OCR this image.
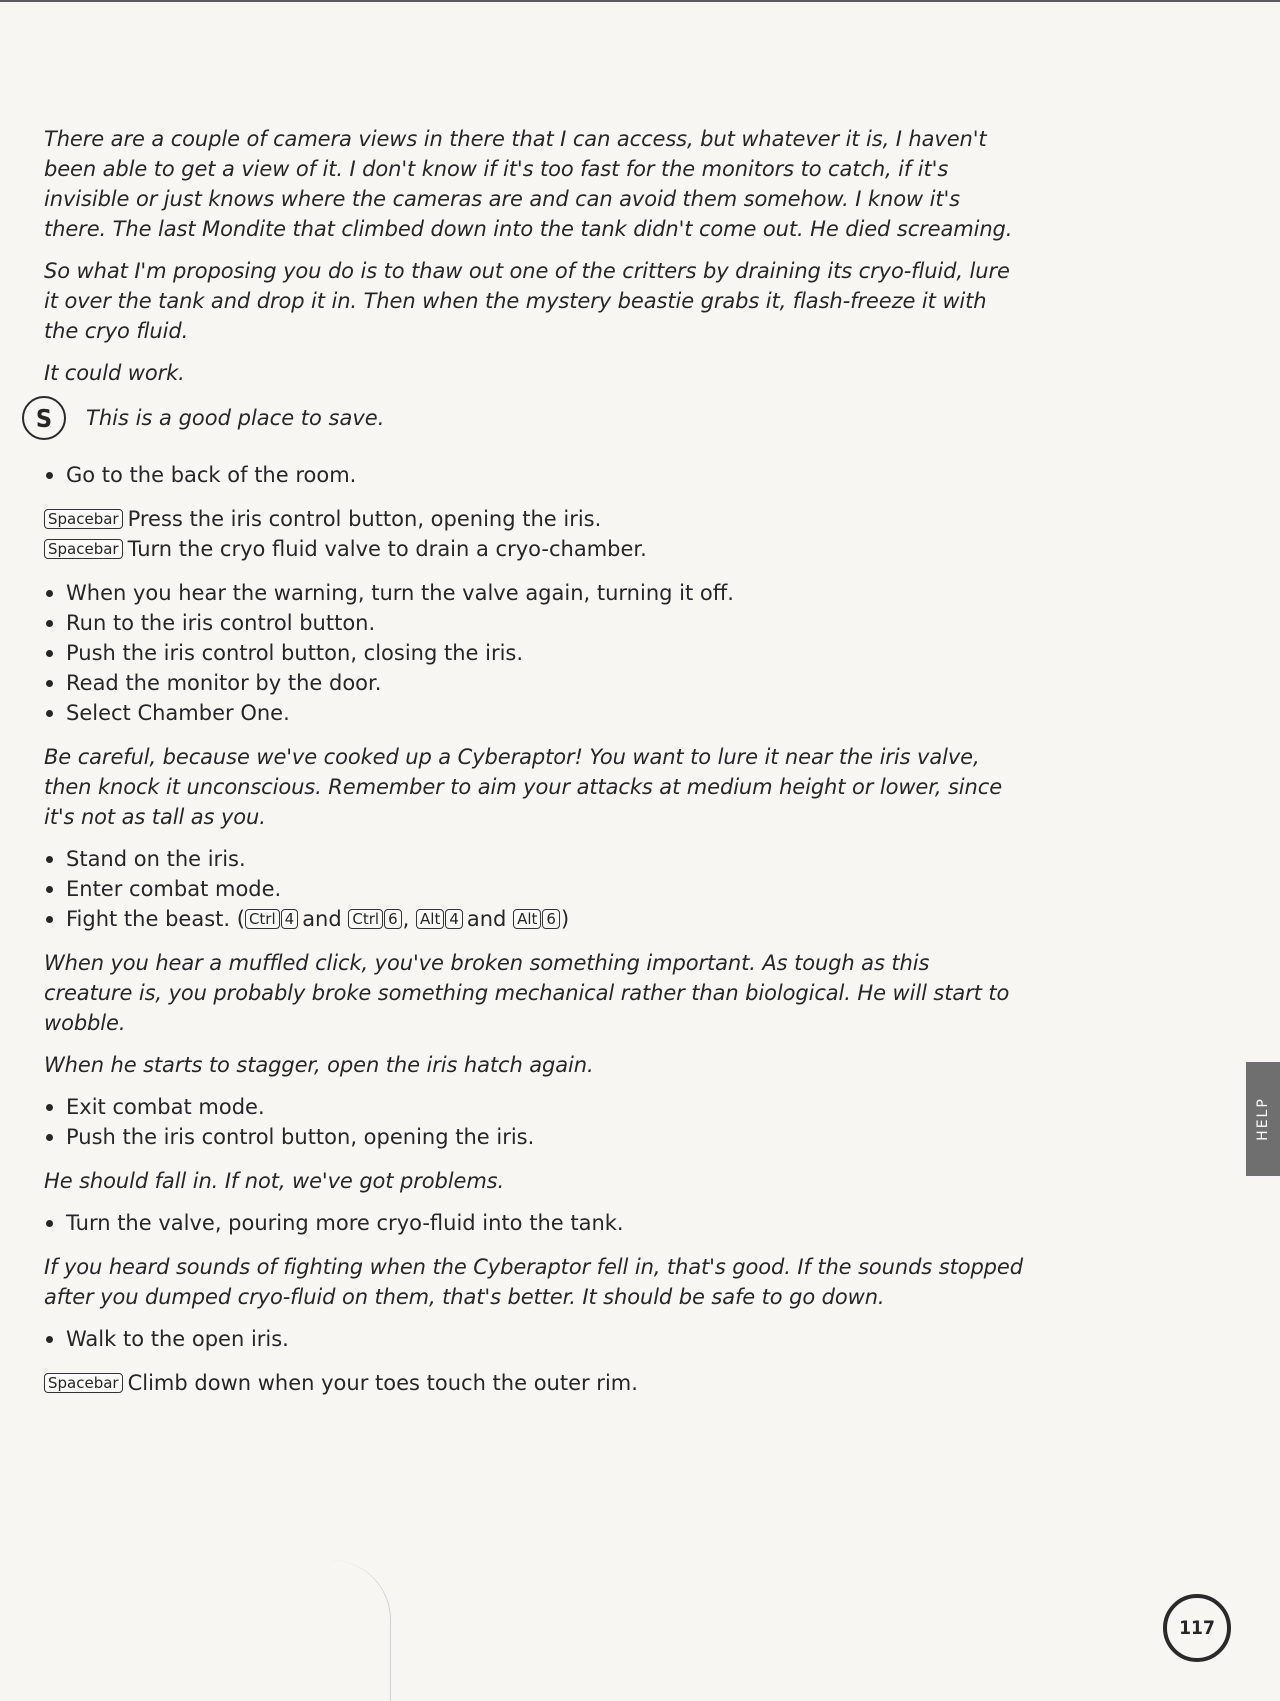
There are a couple of camera views in there that I can access, but whatever it is, I haven't been able to get a view of it. I don't know if it's too fast for the monitors to catch, if it's invisible or just knows where the cameras are and can avoid them somehow. I know it's there. The last Mondite that climbed down into the tank didn't come out. He died screaming.

So what I'm proposing you do is to thaw out one of the critters by draining its cryo-fluid, lure it over the tank and drop it in. Then when the mystery beastie grabs it, flash-freeze it with the cryo fluid.

It could work.

S	This is a good place to save.
Go to the back of the room.
Spacebar Press the iris control button, opening the iris.
Spacebar Turn the cryo fluid valve to drain a cryo-chamber.
When you hear the warning, turn the valve again, turning it off.
Run to the iris control button.
Push the iris control button, closing the iris.
Read the monitor by the door.
Select Chamber One.

Be careful, because we've cooked up a Cyberaptor! You want to lure it near the iris valve, then knock it unconscious. Remember to aim your attacks at medium height or lower, since it's not as tall as you.

Stand on the iris.
Enter combat mode.
Fight the beast. ( Ctrl 4 and Ctrl 6 , Alt 4 and Alt 6 )

When you hear a muffled click, you've broken something important. As tough as this creature is, you probably broke something mechanical rather than biological. He will start to wobble.

When he starts to stagger, open the iris hatch again.

Exit combat mode.
Push the iris control button, opening the iris.

He should fall in. If not, we've got problems.

Turn the valve, pouring more cryo-fluid into the tank.

If you heard sounds of fighting when the Cyberaptor fell in, that's good. If the sounds stopped after you dumped cryo-fluid on them, that's better. It should be safe to go down.

Walk to the open iris.
Spacebar Climb down when your toes touch the outer rim.
HELP
117
